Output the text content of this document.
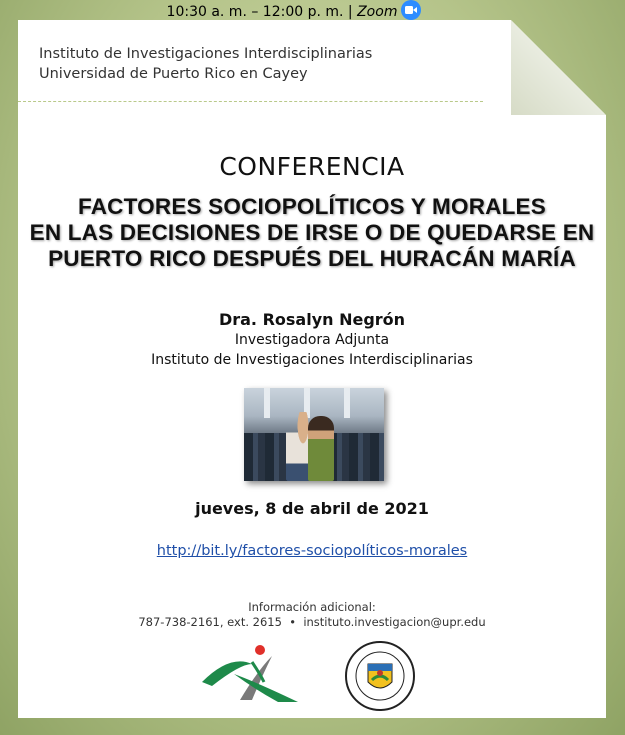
Instituto de Investigaciones Interdisciplinarias
Universidad de Puerto Rico en Cayey
CONFERENCIA
FACTORES SOCIOPOLÍTICOS Y MORALES
EN LAS DECISIONES DE IRSE O DE QUEDARSE EN
PUERTO RICO DESPUÉS DEL HURACÁN MARÍA
Dra. Rosalyn Negrón
Investigadora Adjunta
Instituto de Investigaciones Interdisciplinarias
jueves, 8 de abril de 2021
10:30 a. m. – 12:00 p. m. | Zoom
http://bit.ly/factores-sociopolíticos-morales
Información adicional:
787-738-2161, ext. 2615 • instituto.investigacion@upr.edu
